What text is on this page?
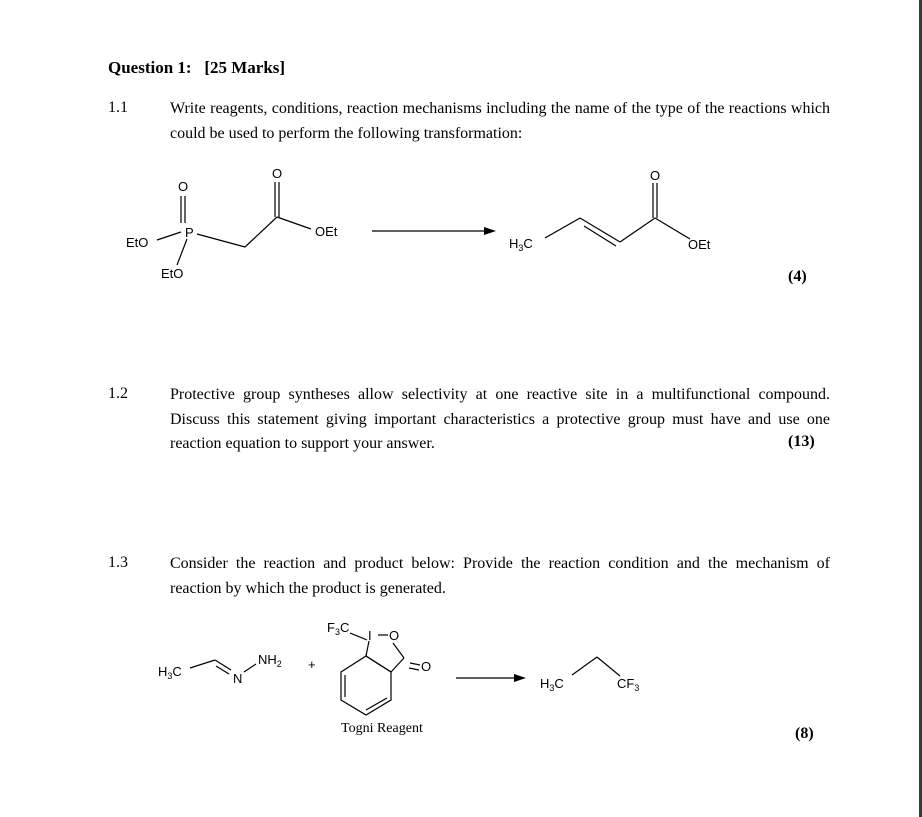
Question 1:   [25 Marks]
1.1	Write reagents, conditions, reaction mechanisms including the name of the type of the reactions which could be used to perform the following transformation:
(4)
1.2	Protective group syntheses allow selectivity at one reactive site in a multifunctional compound. Discuss this statement giving important characteristics a protective group must have and use one reaction equation to support your answer.	(13)
1.3	Consider the reaction and product below: Provide the reaction condition and the mechanism of reaction by which the product is generated.
(8)
EtO
EtO
P
O
O
OEt
$H_3C$
O
OEt
$H_3C$	N
$NH_2$ +
$F_3C$
I O
O
Togni Reagent
$H_3C$	$CF_3$
